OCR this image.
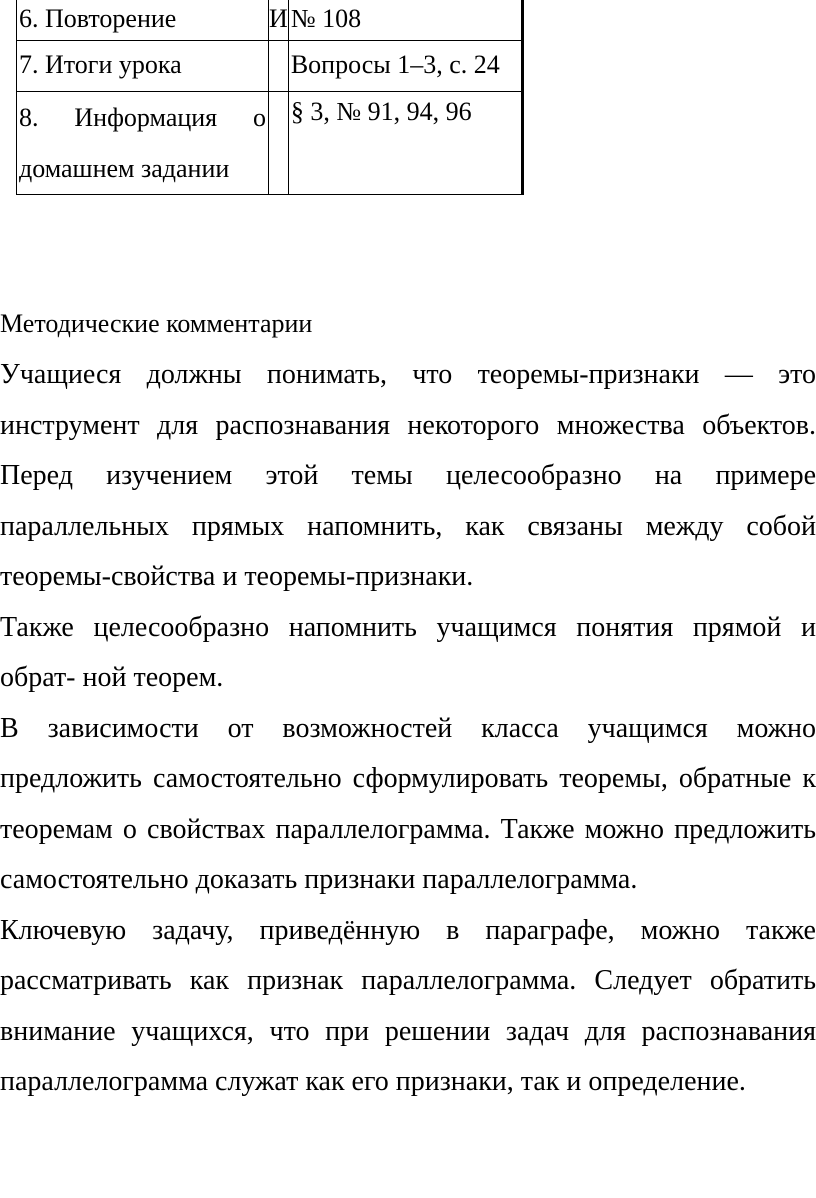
6. Повторение	И	№ 108
7. Итоги урока		Вопросы 1–3, с. 24
8. Информация о домашнем задании		§ 3, № 91, 94, 96
Методические комментарии

Учащиеся должны понимать, что теоремы-признаки — это инструмент для распознавания некоторого множества объектов. Перед изучением этой темы целесообразно на примере параллельных прямых напомнить, как связаны между собой теоремы-свойства и теоремы-признаки.

Также целесообразно напомнить учащимся понятия прямой и обрат- ной теорем.

В зависимости от возможностей класса учащимся можно предложить самостоятельно сформулировать теоремы, обратные к теоремам о свойствах параллелограмма. Также можно предложить самостоятельно доказать признаки параллелограмма.

Ключевую задачу, приведённую в параграфе, можно также рассматривать как признак параллелограмма. Следует обратить внимание учащихся, что при решении задач для распознавания параллелограмма служат как его признаки, так и определение.
